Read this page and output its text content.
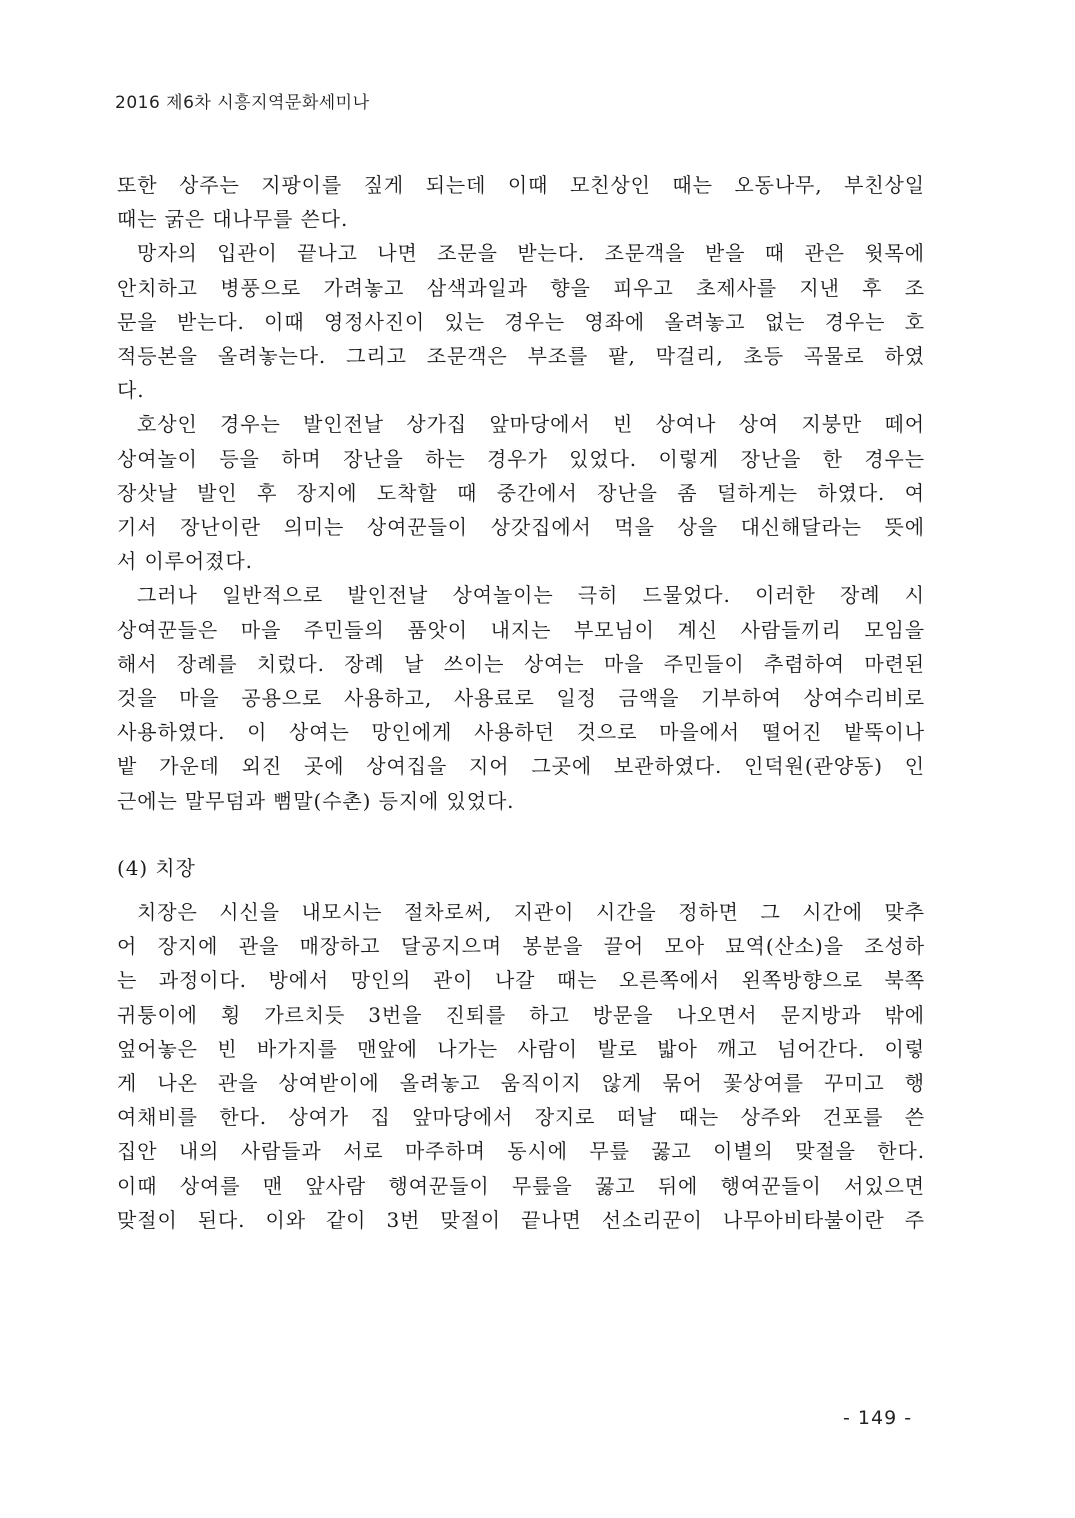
2016 제6차 시흥지역문화세미나
또한 상주는 지팡이를 짚게 되는데 이때 모친상인 때는 오동나무, 부친상일
때는 굵은 대나무를 쓴다.
망자의 입관이 끝나고 나면 조문을 받는다. 조문객을 받을 때 관은 윗목에
안치하고 병풍으로 가려놓고 삼색과일과 향을 피우고 초제사를 지낸 후 조
문을 받는다. 이때 영정사진이 있는 경우는 영좌에 올려놓고 없는 경우는 호
적등본을 올려놓는다. 그리고 조문객은 부조를 팥, 막걸리, 초등 곡물로 하였
다.
호상인 경우는 발인전날 상가집 앞마당에서 빈 상여나 상여 지붕만 떼어
상여놀이 등을 하며 장난을 하는 경우가 있었다. 이렇게 장난을 한 경우는
장삿날 발인 후 장지에 도착할 때 중간에서 장난을 좀 덜하게는 하였다. 여
기서 장난이란 의미는 상여꾼들이 상갓집에서 먹을 상을 대신해달라는 뜻에
서 이루어졌다.
그러나 일반적으로 발인전날 상여놀이는 극히 드물었다. 이러한 장례 시
상여꾼들은 마을 주민들의 품앗이 내지는 부모님이 계신 사람들끼리 모임을
해서 장례를 치렀다. 장례 날 쓰이는 상여는 마을 주민들이 추렴하여 마련된
것을 마을 공용으로 사용하고, 사용료로 일정 금액을 기부하여 상여수리비로
사용하였다. 이 상여는 망인에게 사용하던 것으로 마을에서 떨어진 밭뚝이나
밭 가운데 외진 곳에 상여집을 지어 그곳에 보관하였다. 인덕원(관양동) 인
근에는 말무덤과 뻠말(수촌) 등지에 있었다.
(4) 치장
치장은 시신을 내모시는 절차로써, 지관이 시간을 정하면 그 시간에 맞추
어 장지에 관을 매장하고 달공지으며 봉분을 끌어 모아 묘역(산소)을 조성하
는 과정이다. 방에서 망인의 관이 나갈 때는 오른쪽에서 왼쪽방향으로 북쪽
귀퉁이에 횡 가르치듯 3번을 진퇴를 하고 방문을 나오면서 문지방과 밖에
엎어놓은 빈 바가지를 맨앞에 나가는 사람이 발로 밟아 깨고 넘어간다. 이렇
게 나온 관을 상여받이에 올려놓고 움직이지 않게 묶어 꽃상여를 꾸미고 행
여채비를 한다. 상여가 집 앞마당에서 장지로 떠날 때는 상주와 건포를 쓴
집안 내의 사람들과 서로 마주하며 동시에 무릎 꿇고 이별의 맞절을 한다.
이때 상여를 맨 앞사람 행여꾼들이 무릎을 꿇고 뒤에 행여꾼들이 서있으면
맞절이 된다. 이와 같이 3번 맞절이 끝나면 선소리꾼이 나무아비타불이란 주
- 149 -
